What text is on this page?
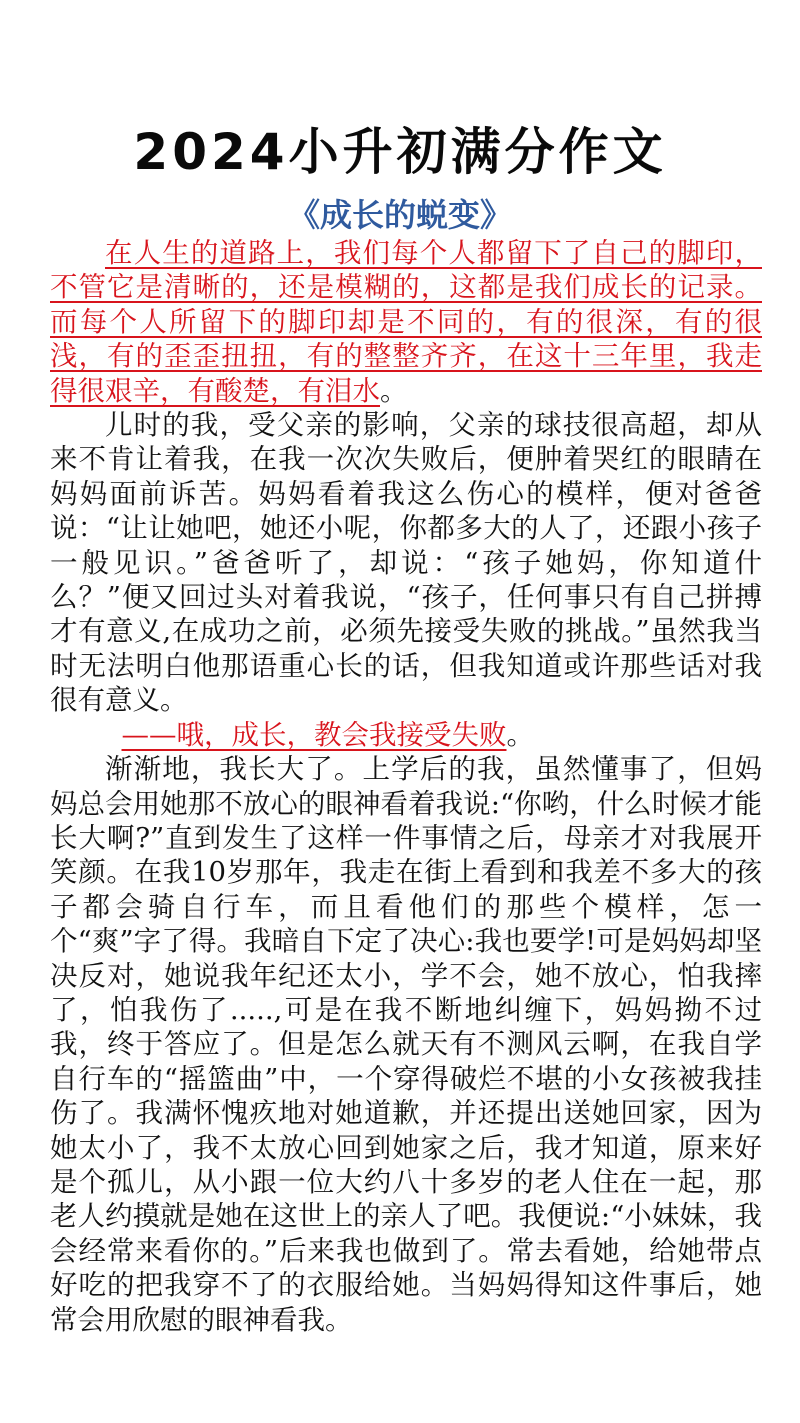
2024小升初满分作文
《成长的蜕变》

在人生的道路上，我们每个人都留下了自己的脚印，不管它是清晰的，还是模糊的，这都是我们成长的记录。而每个人所留下的脚印却是不同的，有的很深，有的很浅，有的歪歪扭扭，有的整整齐齐，在这十三年里，我走得很艰辛，有酸楚，有泪水。

儿时的我，受父亲的影响，父亲的球技很高超，却从来不肯让着我，在我一次次失败后，便肿着哭红的眼睛在妈妈面前诉苦。妈妈看着我这么伤心的模样，便对爸爸说：“让让她吧，她还小呢，你都多大的人了，还跟小孩子一般见识。”爸爸听了，却说：“孩子她妈，你知道什么？”便又回过头对着我说，“孩子，任何事只有自己拼搏才有意义,在成功之前，必须先接受失败的挑战。”虽然我当时无法明白他那语重心长的话，但我知道或许那些话对我很有意义。

——哦，成长，教会我接受失败。

渐渐地，我长大了。上学后的我，虽然懂事了，但妈妈总会用她那不放心的眼神看着我说:“你哟，什么时候才能长大啊?”直到发生了这样一件事情之后，母亲才对我展开笑颜。在我10岁那年，我走在街上看到和我差不多大的孩子都会骑自行车，而且看他们的那些个模样，怎一个“爽”字了得。我暗自下定了决心:我也要学!可是妈妈却坚决反对，她说我年纪还太小，学不会，她不放心，怕我摔了，怕我伤了.....,可是在我不断地纠缠下，妈妈拗不过我，终于答应了。但是怎么就天有不测风云啊，在我自学自行车的“摇篮曲”中，一个穿得破烂不堪的小女孩被我挂伤了。我满怀愧疚地对她道歉，并还提出送她回家，因为她太小了，我不太放心回到她家之后，我才知道，原来好是个孤儿，从小跟一位大约八十多岁的老人住在一起，那老人约摸就是她在这世上的亲人了吧。我便说:“小妹妹，我会经常来看你的。”后来我也做到了。常去看她，给她带点好吃的把我穿不了的衣服给她。当妈妈得知这件事后，她常会用欣慰的眼神看我。
